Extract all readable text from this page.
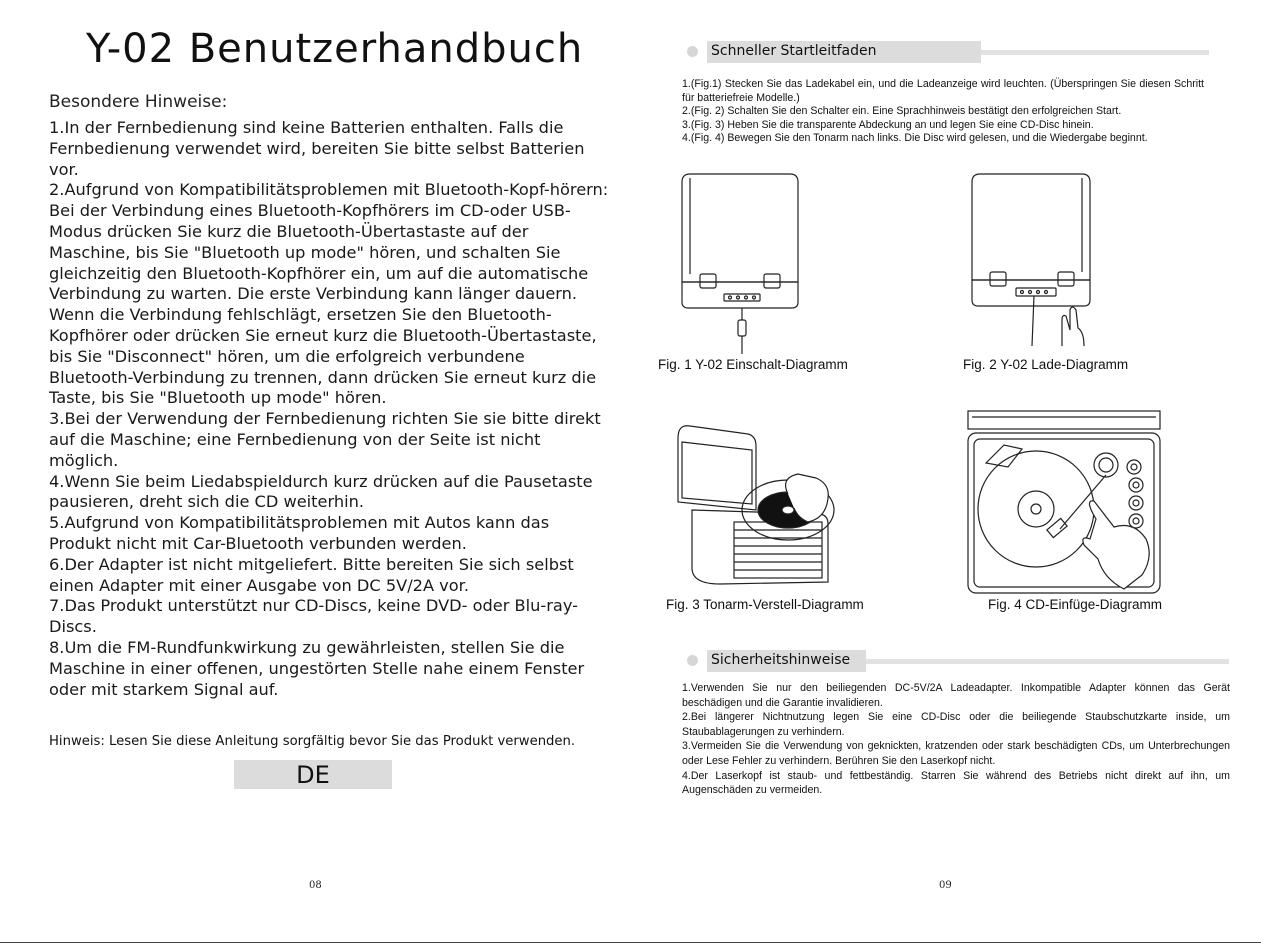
Y-02 Benutzerhandbuch
Besondere Hinweise:

1.In der Fernbedienung sind keine Batterien enthalten. Falls die Fernbedienung verwendet wird, bereiten Sie bitte selbst Batterien vor.

2.Aufgrund von Kompatibilitätsproblemen mit Bluetooth-Kopf-hörern: Bei der Verbindung eines Bluetooth-Kopfhörers im CD-oder USB-Modus drücken Sie kurz die Bluetooth-Übertastaste auf der Maschine, bis Sie "Bluetooth up mode" hören, und schalten Sie gleichzeitig den Bluetooth-Kopfhörer ein, um auf die automatische Verbindung zu warten. Die erste Verbindung kann länger dauern. Wenn die Verbindung fehlschlägt, ersetzen Sie den Bluetooth-Kopfhörer oder drücken Sie erneut kurz die Bluetooth-Übertastaste, bis Sie "Disconnect" hören, um die erfolgreich verbundene Bluetooth-Verbindung zu trennen, dann drücken Sie erneut kurz die Taste, bis Sie "Bluetooth up mode" hören.

3.Bei der Verwendung der Fernbedienung richten Sie sie bitte direkt auf die Maschine; eine Fernbedienung von der Seite ist nicht möglich.

4.Wenn Sie beim Liedabspieldurch kurz drücken auf die Pausetaste pausieren, dreht sich die CD weiterhin.

5.Aufgrund von Kompatibilitätsproblemen mit Autos kann das Produkt nicht mit Car-Bluetooth verbunden werden.

6.Der Adapter ist nicht mitgeliefert. Bitte bereiten Sie sich selbst einen Adapter mit einer Ausgabe von DC 5V/2A vor.

7.Das Produkt unterstützt nur CD-Discs, keine DVD- oder Blu-ray-Discs.

8.Um die FM-Rundfunkwirkung zu gewährleisten, stellen Sie die Maschine in einer offenen, ungestörten Stelle nahe einem Fenster oder mit starkem Signal auf.

Hinweis: Lesen Sie diese Anleitung sorgfältig bevor Sie das Produkt verwenden.
DE
08
Schneller Startleitfaden

1.(Fig.1) Stecken Sie das Ladekabel ein, und die Ladeanzeige wird leuchten. (Überspringen Sie diesen Schritt für batteriefreie Modelle.)

2.(Fig. 2) Schalten Sie den Schalter ein. Eine Sprachhinweis bestätigt den erfolgreichen Start.

3.(Fig. 3) Heben Sie die transparente Abdeckung an und legen Sie eine CD-Disc hinein.

4.(Fig. 4) Bewegen Sie den Tonarm nach links. Die Disc wird gelesen, und die Wiedergabe beginnt.

Fig. 1 Y-02 Einschalt-Diagramm	Fig. 2 Y-02 Lade-Diagramm
Fig. 3 Tonarm-Verstell-Diagramm	Fig. 4 CD-Einfüge-Diagramm
Sicherheitshinweise

1.Verwenden Sie nur den beiliegenden DC-5V/2A Ladeadapter. Inkompatible Adapter können das Gerät beschädigen und die Garantie invalidieren.

2.Bei längerer Nichtnutzung legen Sie eine CD-Disc oder die beiliegende Staubschutzkarte inside, um Staubablagerungen zu verhindern.

3.Vermeiden Sie die Verwendung von geknickten, kratzenden oder stark beschädigten CDs, um Unterbrechungen oder Lese Fehler zu verhindern. Berühren Sie den Laserkopf nicht.

4.Der Laserkopf ist staub- und fettbeständig. Starren Sie während des Betriebs nicht direkt auf ihn, um Augenschäden zu vermeiden.

09
